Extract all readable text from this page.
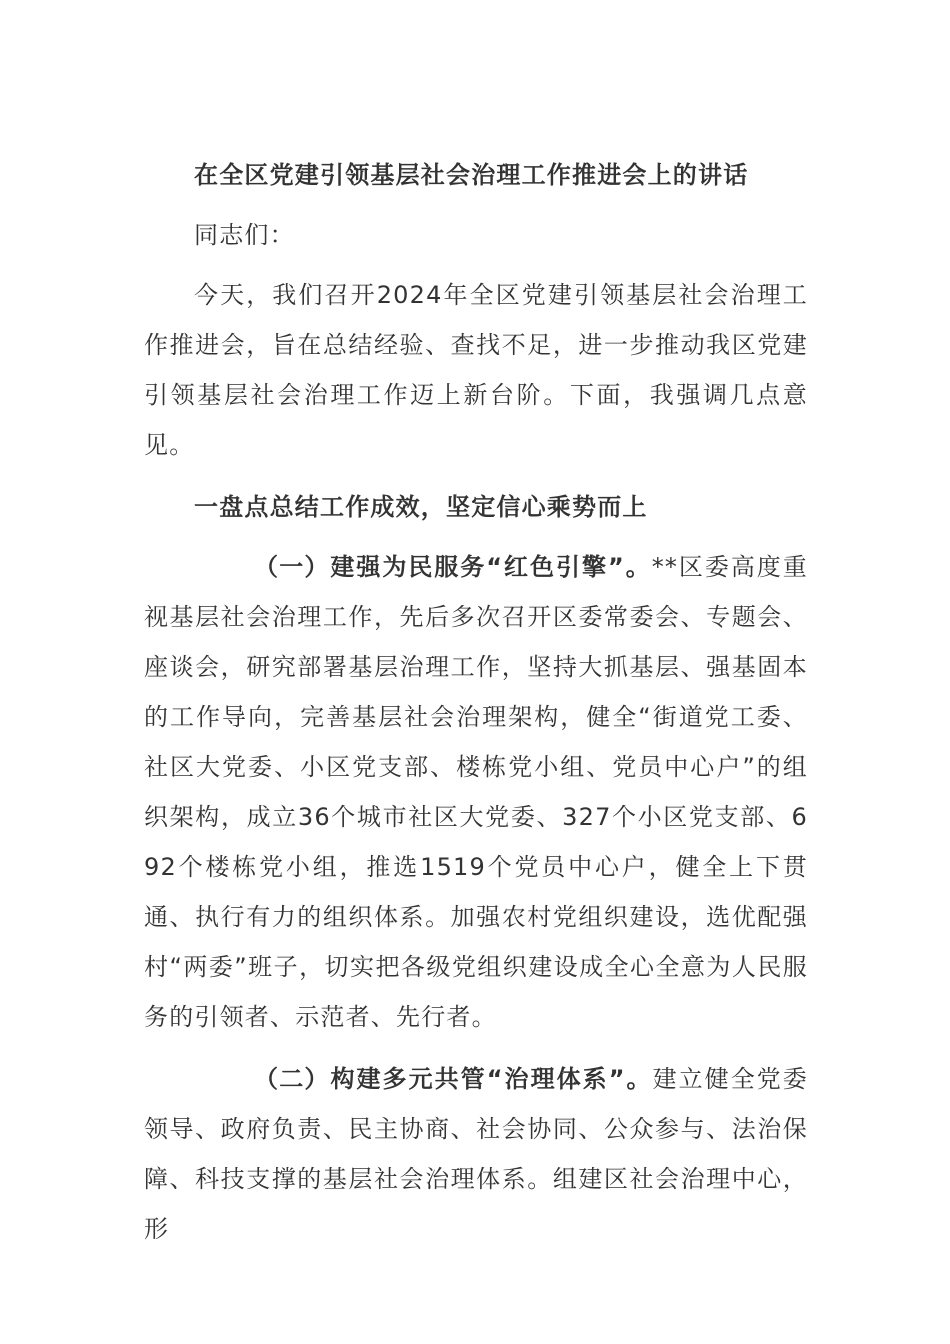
在全区党建引领基层社会治理工作推进会上的讲话

同志们：

今天，我们召开2024年全区党建引领基层社会治理工作推进会，旨在总结经验、查找不足，进一步推动我区党建引领基层社会治理工作迈上新台阶。下面，我强调几点意见。

一盘点总结工作成效，坚定信心乘势而上

（一）建强为民服务“红色引擎”。**区委高度重视基层社会治理工作，先后多次召开区委常委会、专题会、座谈会，研究部署基层治理工作，坚持大抓基层、强基固本的工作导向，完善基层社会治理架构，健全“街道党工委、社区大党委、小区党支部、楼栋党小组、党员中心户”的组织架构，成立36个城市社区大党委、327个小区党支部、692个楼栋党小组，推选1519个党员中心户，健全上下贯通、执行有力的组织体系。加强农村党组织建设，选优配强村“两委”班子，切实把各级党组织建设成全心全意为人民服务的引领者、示范者、先行者。

（二）构建多元共管“治理体系”。建立健全党委领导、政府负责、民主协商、社会协同、公众参与、法治保障、科技支撑的基层社会治理体系。组建区社会治理中心，形
